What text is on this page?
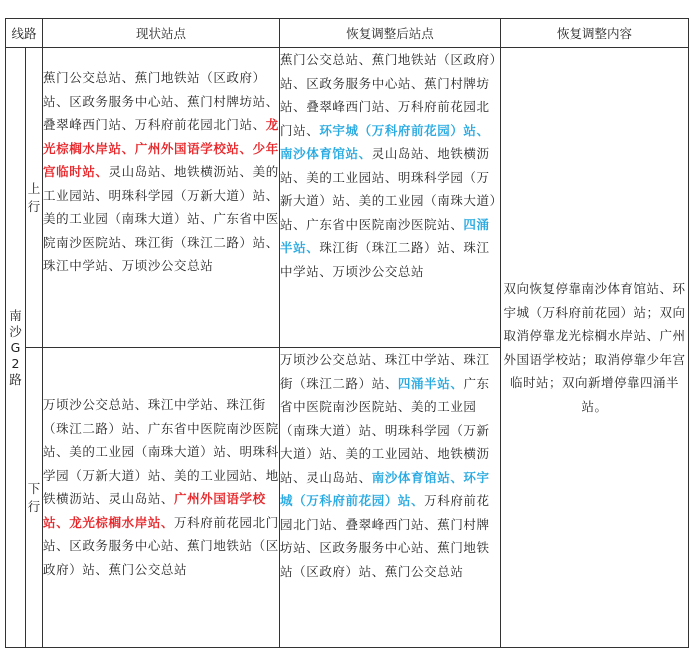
线路		现状站点	恢复调整后站点	恢复调整内容

南
沙
G
2
路	上
行	蕉门公交总站、蕉门地铁站（区政府）站、区政务服务中心站、蕉门村牌坊站、叠翠峰西门站、万科府前花园北门站、龙光棕榈水岸站、广州外国语学校站、少年宫临时站、灵山岛站、地铁横沥站、美的工业园站、明珠科学园（万新大道）站、美的工业园（南珠大道）站、广东省中医院南沙医院站、珠江街（珠江二路）站、珠江中学站、万顷沙公交总站	蕉门公交总站、蕉门地铁站（区政府）站、区政务服务中心站、蕉门村牌坊站、叠翠峰西门站、万科府前花园北门站、环宇城（万科府前花园）站、南沙体育馆站、灵山岛站、地铁横沥站、美的工业园站、明珠科学园（万新大道）站、美的工业园（南珠大道）站、广东省中医院南沙医院站、四涌半站、珠江街（珠江二路）站、珠江中学站、万顷沙公交总站	双向恢复停靠南沙体育馆站、环宇城（万科府前花园）站；双向取消停靠龙光棕榈水岸站、广州外国语学校站；取消停靠少年宫临时站；双向新增停靠四涌半站。

	下
行	万顷沙公交总站、珠江中学站、珠江街（珠江二路）站、广东省中医院南沙医院站、美的工业园（南珠大道）站、明珠科学园（万新大道）站、美的工业园站、地铁横沥站、灵山岛站、广州外国语学校站、龙光棕榈水岸站、万科府前花园北门站、区政务服务中心站、蕉门地铁站（区政府）站、蕉门公交总站	万顷沙公交总站、珠江中学站、珠江街（珠江二路）站、四涌半站、广东省中医院南沙医院站、美的工业园（南珠大道）站、明珠科学园（万新大道）站、美的工业园站、地铁横沥站、灵山岛站、南沙体育馆站、环宇城（万科府前花园）站、万科府前花园北门站、叠翠峰西门站、蕉门村牌坊站、区政务服务中心站、蕉门地铁站（区政府）站、蕉门公交总站	
